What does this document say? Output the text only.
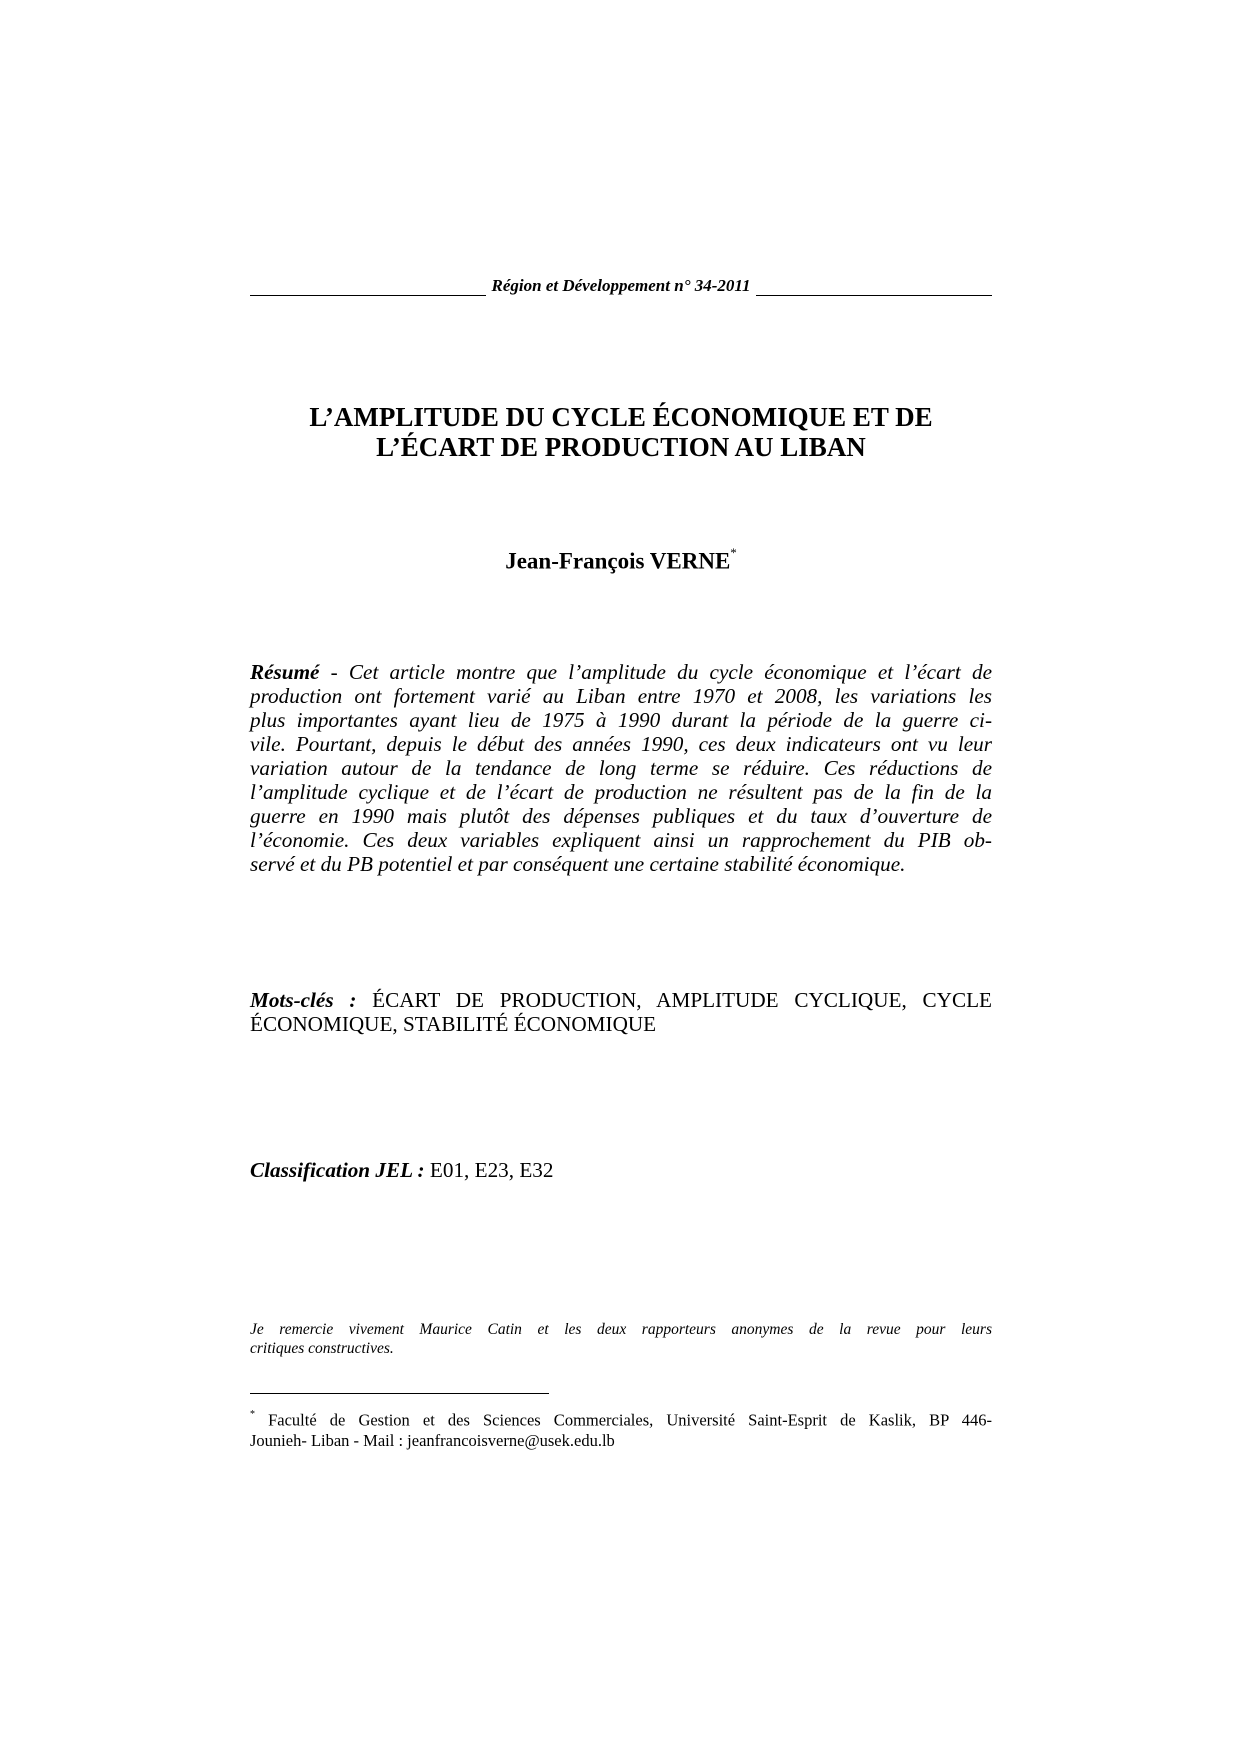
Région et Développement n° 34-2011
L’AMPLITUDE DU CYCLE ÉCONOMIQUE ET DE
L’ÉCART DE PRODUCTION AU LIBAN
Jean-François VERNE*
Résumé - Cet article montre que l’amplitude du cycle économique et l’écart de
production ont fortement varié au Liban entre 1970 et 2008, les variations les
plus importantes ayant lieu de 1975 à 1990 durant la période de la guerre ci-
vile. Pourtant, depuis le début des années 1990, ces deux indicateurs ont vu leur
variation autour de la tendance de long terme se réduire. Ces réductions de
l’amplitude cyclique et de l’écart de production ne résultent pas de la fin de la
guerre en 1990 mais plutôt des dépenses publiques et du taux d’ouverture de
l’économie. Ces deux variables expliquent ainsi un rapprochement du PIB ob-
servé et du PB potentiel et par conséquent une certaine stabilité économique.
Mots-clés : ÉCART DE PRODUCTION, AMPLITUDE CYCLIQUE, CYCLE
ÉCONOMIQUE, STABILITÉ ÉCONOMIQUE
Classification JEL : E01, E23, E32
Je remercie vivement Maurice Catin et les deux rapporteurs anonymes de la revue pour leurs
critiques constructives.
* Faculté de Gestion et des Sciences Commerciales, Université Saint-Esprit de Kaslik, BP 446-
Jounieh- Liban - Mail : jeanfrancoisverne@usek.edu.lb
